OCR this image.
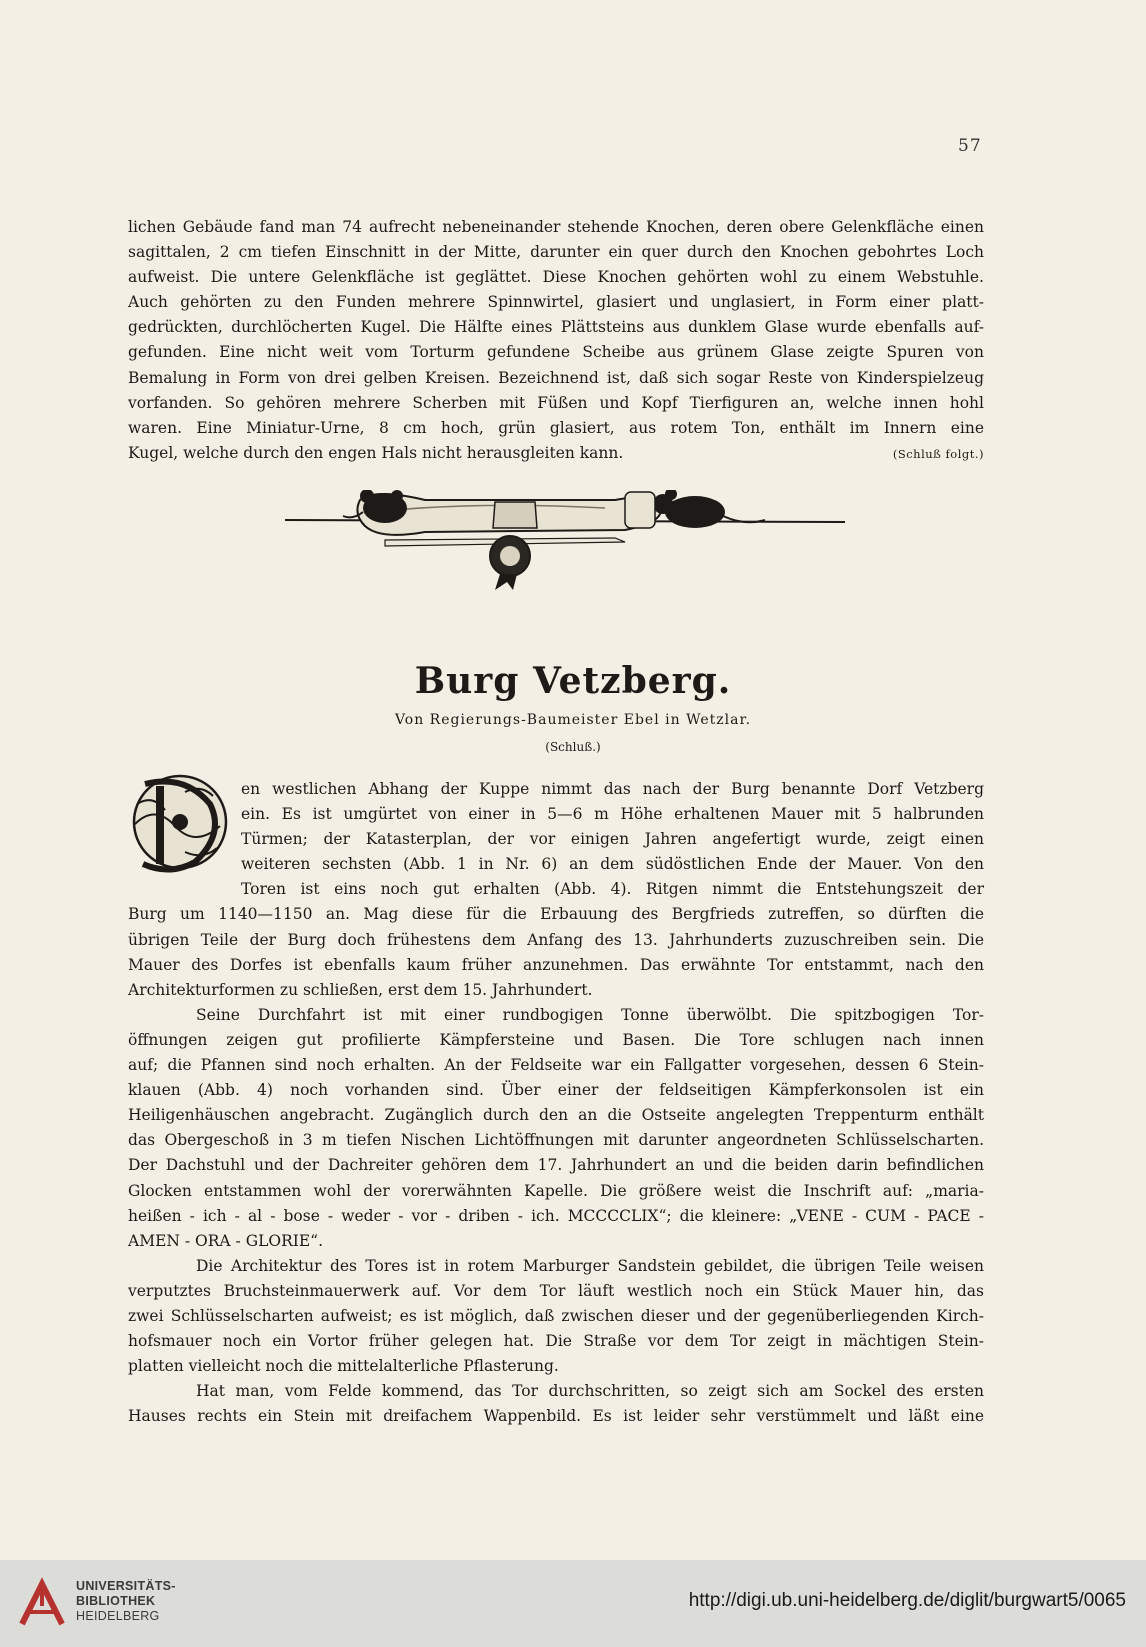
57
lichen Gebäude fand man 74 aufrecht nebeneinander stehende Knochen, deren obere Gelenkfläche einen
sagittalen, 2 cm tiefen Einschnitt in der Mitte, darunter ein quer durch den Knochen gebohrtes Loch
aufweist. Die untere Gelenkfläche ist geglättet. Diese Knochen gehörten wohl zu einem Webstuhle.
Auch gehörten zu den Funden mehrere Spinnwirtel, glasiert und unglasiert, in Form einer platt-
gedrückten, durchlöcherten Kugel. Die Hälfte eines Plättsteins aus dunklem Glase wurde ebenfalls auf-
gefunden. Eine nicht weit vom Torturm gefundene Scheibe aus grünem Glase zeigte Spuren von
Bemalung in Form von drei gelben Kreisen. Bezeichnend ist, daß sich sogar Reste von Kinderspielzeug
vorfanden. So gehören mehrere Scherben mit Füßen und Kopf Tierfiguren an, welche innen hohl
waren. Eine Miniatur-Urne, 8 cm hoch, grün glasiert, aus rotem Ton, enthält im Innern eine
Kugel, welche durch den engen Hals nicht herausgleiten kann.	(Schluß folgt.)
Burg Vetzberg.
Von Regierungs-Baumeister Ebel in Wetzlar.
(Schluß.)
en westlichen Abhang der Kuppe nimmt das nach der Burg benannte Dorf Vetzberg
ein. Es ist umgürtet von einer in 5—6 m Höhe erhaltenen Mauer mit 5 halbrunden
Türmen; der Katasterplan, der vor einigen Jahren angefertigt wurde, zeigt einen
weiteren sechsten (Abb. 1 in Nr. 6) an dem südöstlichen Ende der Mauer. Von den
Toren ist eins noch gut erhalten (Abb. 4). Ritgen nimmt die Entstehungszeit der
Burg um 1140—1150 an. Mag diese für die Erbauung des Bergfrieds zutreffen, so dürften die
übrigen Teile der Burg doch frühestens dem Anfang des 13. Jahrhunderts zuzuschreiben sein. Die
Mauer des Dorfes ist ebenfalls kaum früher anzunehmen. Das erwähnte Tor entstammt, nach den
Architekturformen zu schließen, erst dem 15. Jahrhundert.
Seine Durchfahrt ist mit einer rundbogigen Tonne überwölbt. Die spitzbogigen Tor-
öffnungen zeigen gut profilierte Kämpfersteine und Basen. Die Tore schlugen nach innen
auf; die Pfannen sind noch erhalten. An der Feldseite war ein Fallgatter vorgesehen, dessen 6 Stein-
klauen (Abb. 4) noch vorhanden sind. Über einer der feldseitigen Kämpferkonsolen ist ein
Heiligenhäuschen angebracht. Zugänglich durch den an die Ostseite angelegten Treppenturm enthält
das Obergeschoß in 3 m tiefen Nischen Lichtöffnungen mit darunter angeordneten Schlüsselscharten.
Der Dachstuhl und der Dachreiter gehören dem 17. Jahrhundert an und die beiden darin befindlichen
Glocken entstammen wohl der vorerwähnten Kapelle. Die größere weist die Inschrift auf: „maria-
heißen - ich - al - bose - weder - vor - driben - ich. MCCCCLIX“; die kleinere: „VENE - CUM - PACE -
AMEN - ORA - GLORIE“.
Die Architektur des Tores ist in rotem Marburger Sandstein gebildet, die übrigen Teile weisen
verputztes Bruchsteinmauerwerk auf. Vor dem Tor läuft westlich noch ein Stück Mauer hin, das
zwei Schlüsselscharten aufweist; es ist möglich, daß zwischen dieser und der gegenüberliegenden Kirch-
hofsmauer noch ein Vortor früher gelegen hat. Die Straße vor dem Tor zeigt in mächtigen Stein-
platten vielleicht noch die mittelalterliche Pflasterung.
Hat man, vom Felde kommend, das Tor durchschritten, so zeigt sich am Sockel des ersten
Hauses rechts ein Stein mit dreifachem Wappenbild. Es ist leider sehr verstümmelt und läßt eine
UNIVERSITÄTS-
BIBLIOTHEK
HEIDELBERG
http://digi.ub.uni-heidelberg.de/diglit/burgwart5/0065
